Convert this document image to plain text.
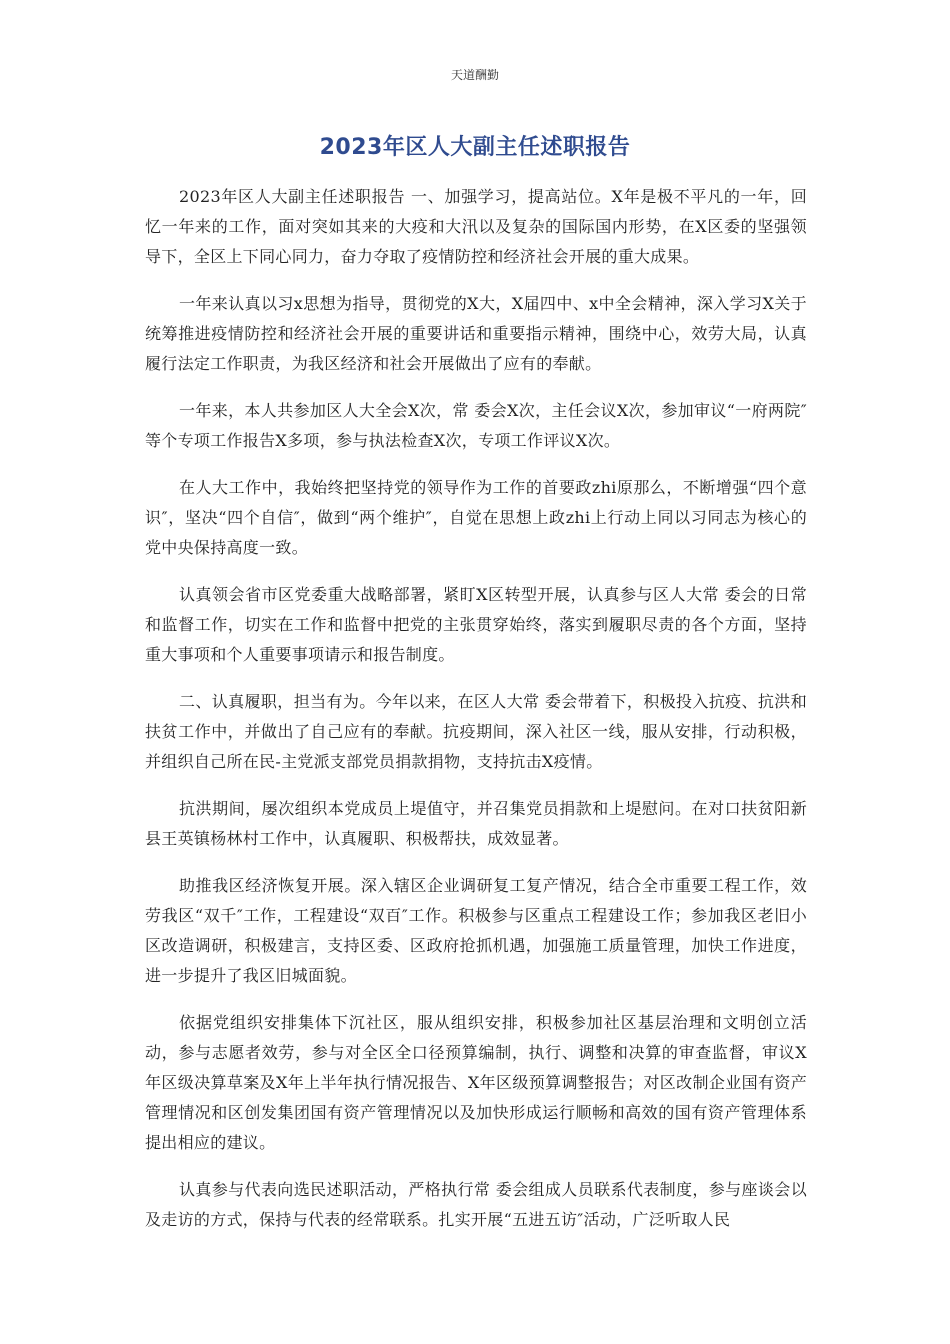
天道酬勤
2023年区人大副主任述职报告

2023年区人大副主任述职报告 一、加强学习，提高站位。X年是极不平凡的一年，回忆一年来的工作，面对突如其来的大疫和大汛以及复杂的国际国内形势，在X区委的坚强领导下，全区上下同心同力，奋力夺取了疫情防控和经济社会开展的重大成果。

一年来认真以习x思想为指导，贯彻党的X大，X届四中、x中全会精神，深入学习X关于统筹推进疫情防控和经济社会开展的重要讲话和重要指示精神，围绕中心，效劳大局，认真履行法定工作职责，为我区经济和社会开展做出了应有的奉献。

一年来，本人共参加区人大全会X次，常 委会X次，主任会议X次，参加审议“一府两院″等个专项工作报告X多项，参与执法检查X次，专项工作评议X次。

在人大工作中，我始终把坚持党的领导作为工作的首要政zhi原那么，不断增强“四个意识″，坚决“四个自信″，做到“两个维护″，自觉在思想上政zhi上行动上同以习同志为核心的党中央保持高度一致。

认真领会省市区党委重大战略部署，紧盯X区转型开展，认真参与区人大常 委会的日常和监督工作，切实在工作和监督中把党的主张贯穿始终，落实到履职尽责的各个方面，坚持重大事项和个人重要事项请示和报告制度。

二、认真履职，担当有为。今年以来，在区人大常 委会带着下，积极投入抗疫、抗洪和扶贫工作中，并做出了自己应有的奉献。抗疫期间，深入社区一线，服从安排，行动积极，并组织自己所在民-主党派支部党员捐款捐物，支持抗击X疫情。

抗洪期间，屡次组织本党成员上堤值守，并召集党员捐款和上堤慰问。在对口扶贫阳新县王英镇杨林村工作中，认真履职、积极帮扶，成效显著。

助推我区经济恢复开展。深入辖区企业调研复工复产情况，结合全市重要工程工作，效劳我区“双千″工作，工程建设“双百″工作。积极参与区重点工程建设工作；参加我区老旧小区改造调研，积极建言，支持区委、区政府抢抓机遇，加强施工质量管理，加快工作进度，进一步提升了我区旧城面貌。

依据党组织安排集体下沉社区，服从组织安排，积极参加社区基层治理和文明创立活动，参与志愿者效劳，参与对全区全口径预算编制，执行、调整和决算的审查监督，审议X年区级决算草案及X年上半年执行情况报告、X年区级预算调整报告；对区改制企业国有资产管理情况和区创发集团国有资产管理情况以及加快形成运行顺畅和高效的国有资产管理体系提出相应的建议。

认真参与代表向选民述职活动，严格执行常 委会组成人员联系代表制度，参与座谈会以及走访的方式，保持与代表的经常联系。扎实开展“五进五访″活动，广泛听取人民
